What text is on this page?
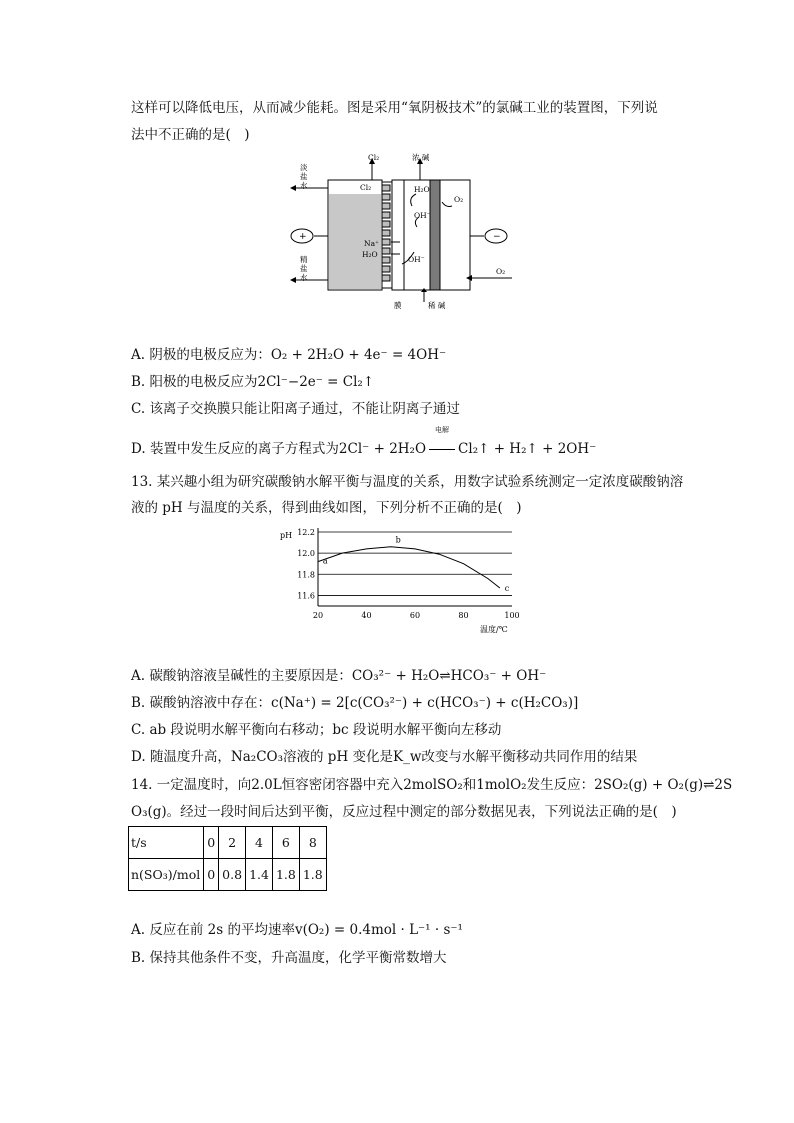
这样可以降低电压，从而减少能耗。图是采用“氧阴极技术”的氯碱工业的装置图，下列说
法中不正确的是(　)
Cl₂	浓 碱
Cl₂	H₂O
OH⁻
O₂
Na⁺
H₂O
OH⁻
O₂
膜	稀 碱
+	−
淡盐水
精盐水
A. 阴极的电极反应为：O₂ + 2H₂O + 4e⁻ = 4OH⁻
B. 阳极的电极反应为2Cl⁻−2e⁻ = Cl₂↑
C. 该离子交换膜只能让阳离子通过，不能让阴离子通过
D. 装置中发生反应的离子方程式为2Cl⁻ + 2H₂O
电解
Cl₂↑ + H₂↑ + 2OH⁻
13. 某兴趣小组为研究碳酸钠水解平衡与温度的关系，用数字试验系统测定一定浓度碳酸钠溶
液的 pH 与温度的关系，得到曲线如图，下列分析不正确的是(　)
11.6
11.8
12.0
12.2
20	40	60	80	100
a
b
c
pH
温度/℃
A. 碳酸钠溶液呈碱性的主要原因是：CO₃²⁻ + H₂O⇌HCO₃⁻ + OH⁻
B. 碳酸钠溶液中存在：c(Na⁺) = 2[c(CO₃²⁻) + c(HCO₃⁻) + c(H₂CO₃)]
C. ab 段说明水解平衡向右移动；bc 段说明水解平衡向左移动
D. 随温度升高，Na₂CO₃溶液的 pH 变化是K_w改变与水解平衡移动共同作用的结果
14. 一定温度时，向2.0L恒容密闭容器中充入2molSO₂和1molO₂发生反应：2SO₂(g) + O₂(g)⇌2S
O₃(g)。经过一段时间后达到平衡，反应过程中测定的部分数据见表，下列说法正确的是(　)
t/s	0	2	4	6	8
n(SO₃)/mol	0	0.8	1.4	1.8	1.8
A. 反应在前 2s 的平均速率v(O₂) = 0.4mol · L⁻¹ · s⁻¹
B. 保持其他条件不变，升高温度，化学平衡常数增大
